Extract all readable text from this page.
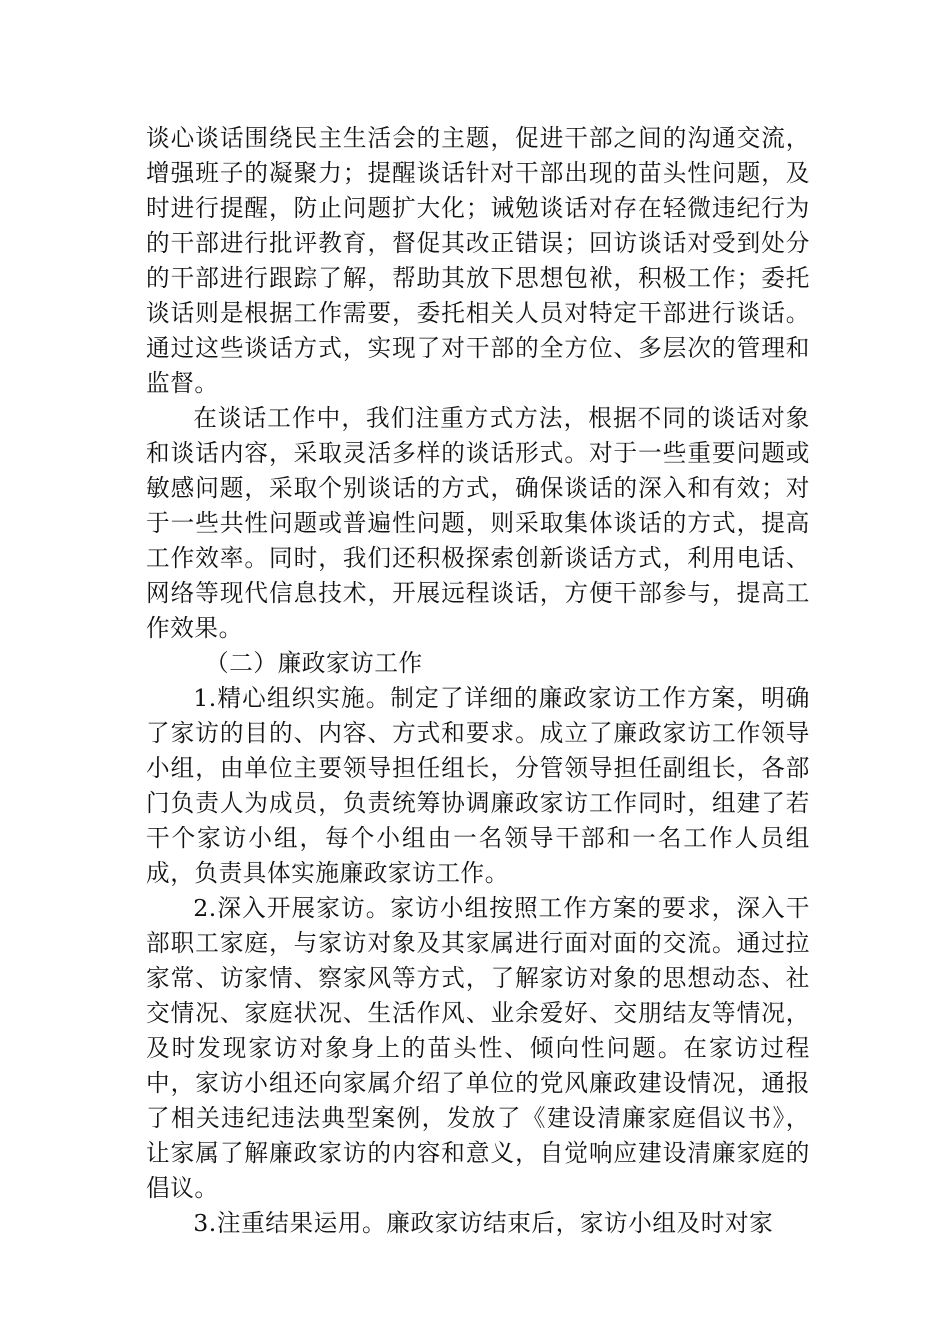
谈心谈话围绕民主生活会的主题，促进干部之间的沟通交流，增强班子的凝聚力；提醒谈话针对干部出现的苗头性问题，及时进行提醒，防止问题扩大化；诫勉谈话对存在轻微违纪行为的干部进行批评教育，督促其改正错误；回访谈话对受到处分的干部进行跟踪了解，帮助其放下思想包袱，积极工作；委托谈话则是根据工作需要，委托相关人员对特定干部进行谈话。通过这些谈话方式，实现了对干部的全方位、多层次的管理和监督。

在谈话工作中，我们注重方式方法，根据不同的谈话对象和谈话内容，采取灵活多样的谈话形式。对于一些重要问题或敏感问题，采取个别谈话的方式，确保谈话的深入和有效；对于一些共性问题或普遍性问题，则采取集体谈话的方式，提高工作效率。同时，我们还积极探索创新谈话方式，利用电话、网络等现代信息技术，开展远程谈话，方便干部参与，提高工作效果。

（二）廉政家访工作

1.精心组织实施。制定了详细的廉政家访工作方案，明确了家访的目的、内容、方式和要求。成立了廉政家访工作领导小组，由单位主要领导担任组长，分管领导担任副组长，各部门负责人为成员，负责统筹协调廉政家访工作同时，组建了若干个家访小组，每个小组由一名领导干部和一名工作人员组成，负责具体实施廉政家访工作。

2.深入开展家访。家访小组按照工作方案的要求，深入干部职工家庭，与家访对象及其家属进行面对面的交流。通过拉家常、访家情、察家风等方式，了解家访对象的思想动态、社交情况、家庭状况、生活作风、业余爱好、交朋结友等情况，及时发现家访对象身上的苗头性、倾向性问题。在家访过程中，家访小组还向家属介绍了单位的党风廉政建设情况，通报了相关违纪违法典型案例，发放了《建设清廉家庭倡议书》，让家属了解廉政家访的内容和意义，自觉响应建设清廉家庭的倡议。

3.注重结果运用。廉政家访结束后，家访小组及时对家
